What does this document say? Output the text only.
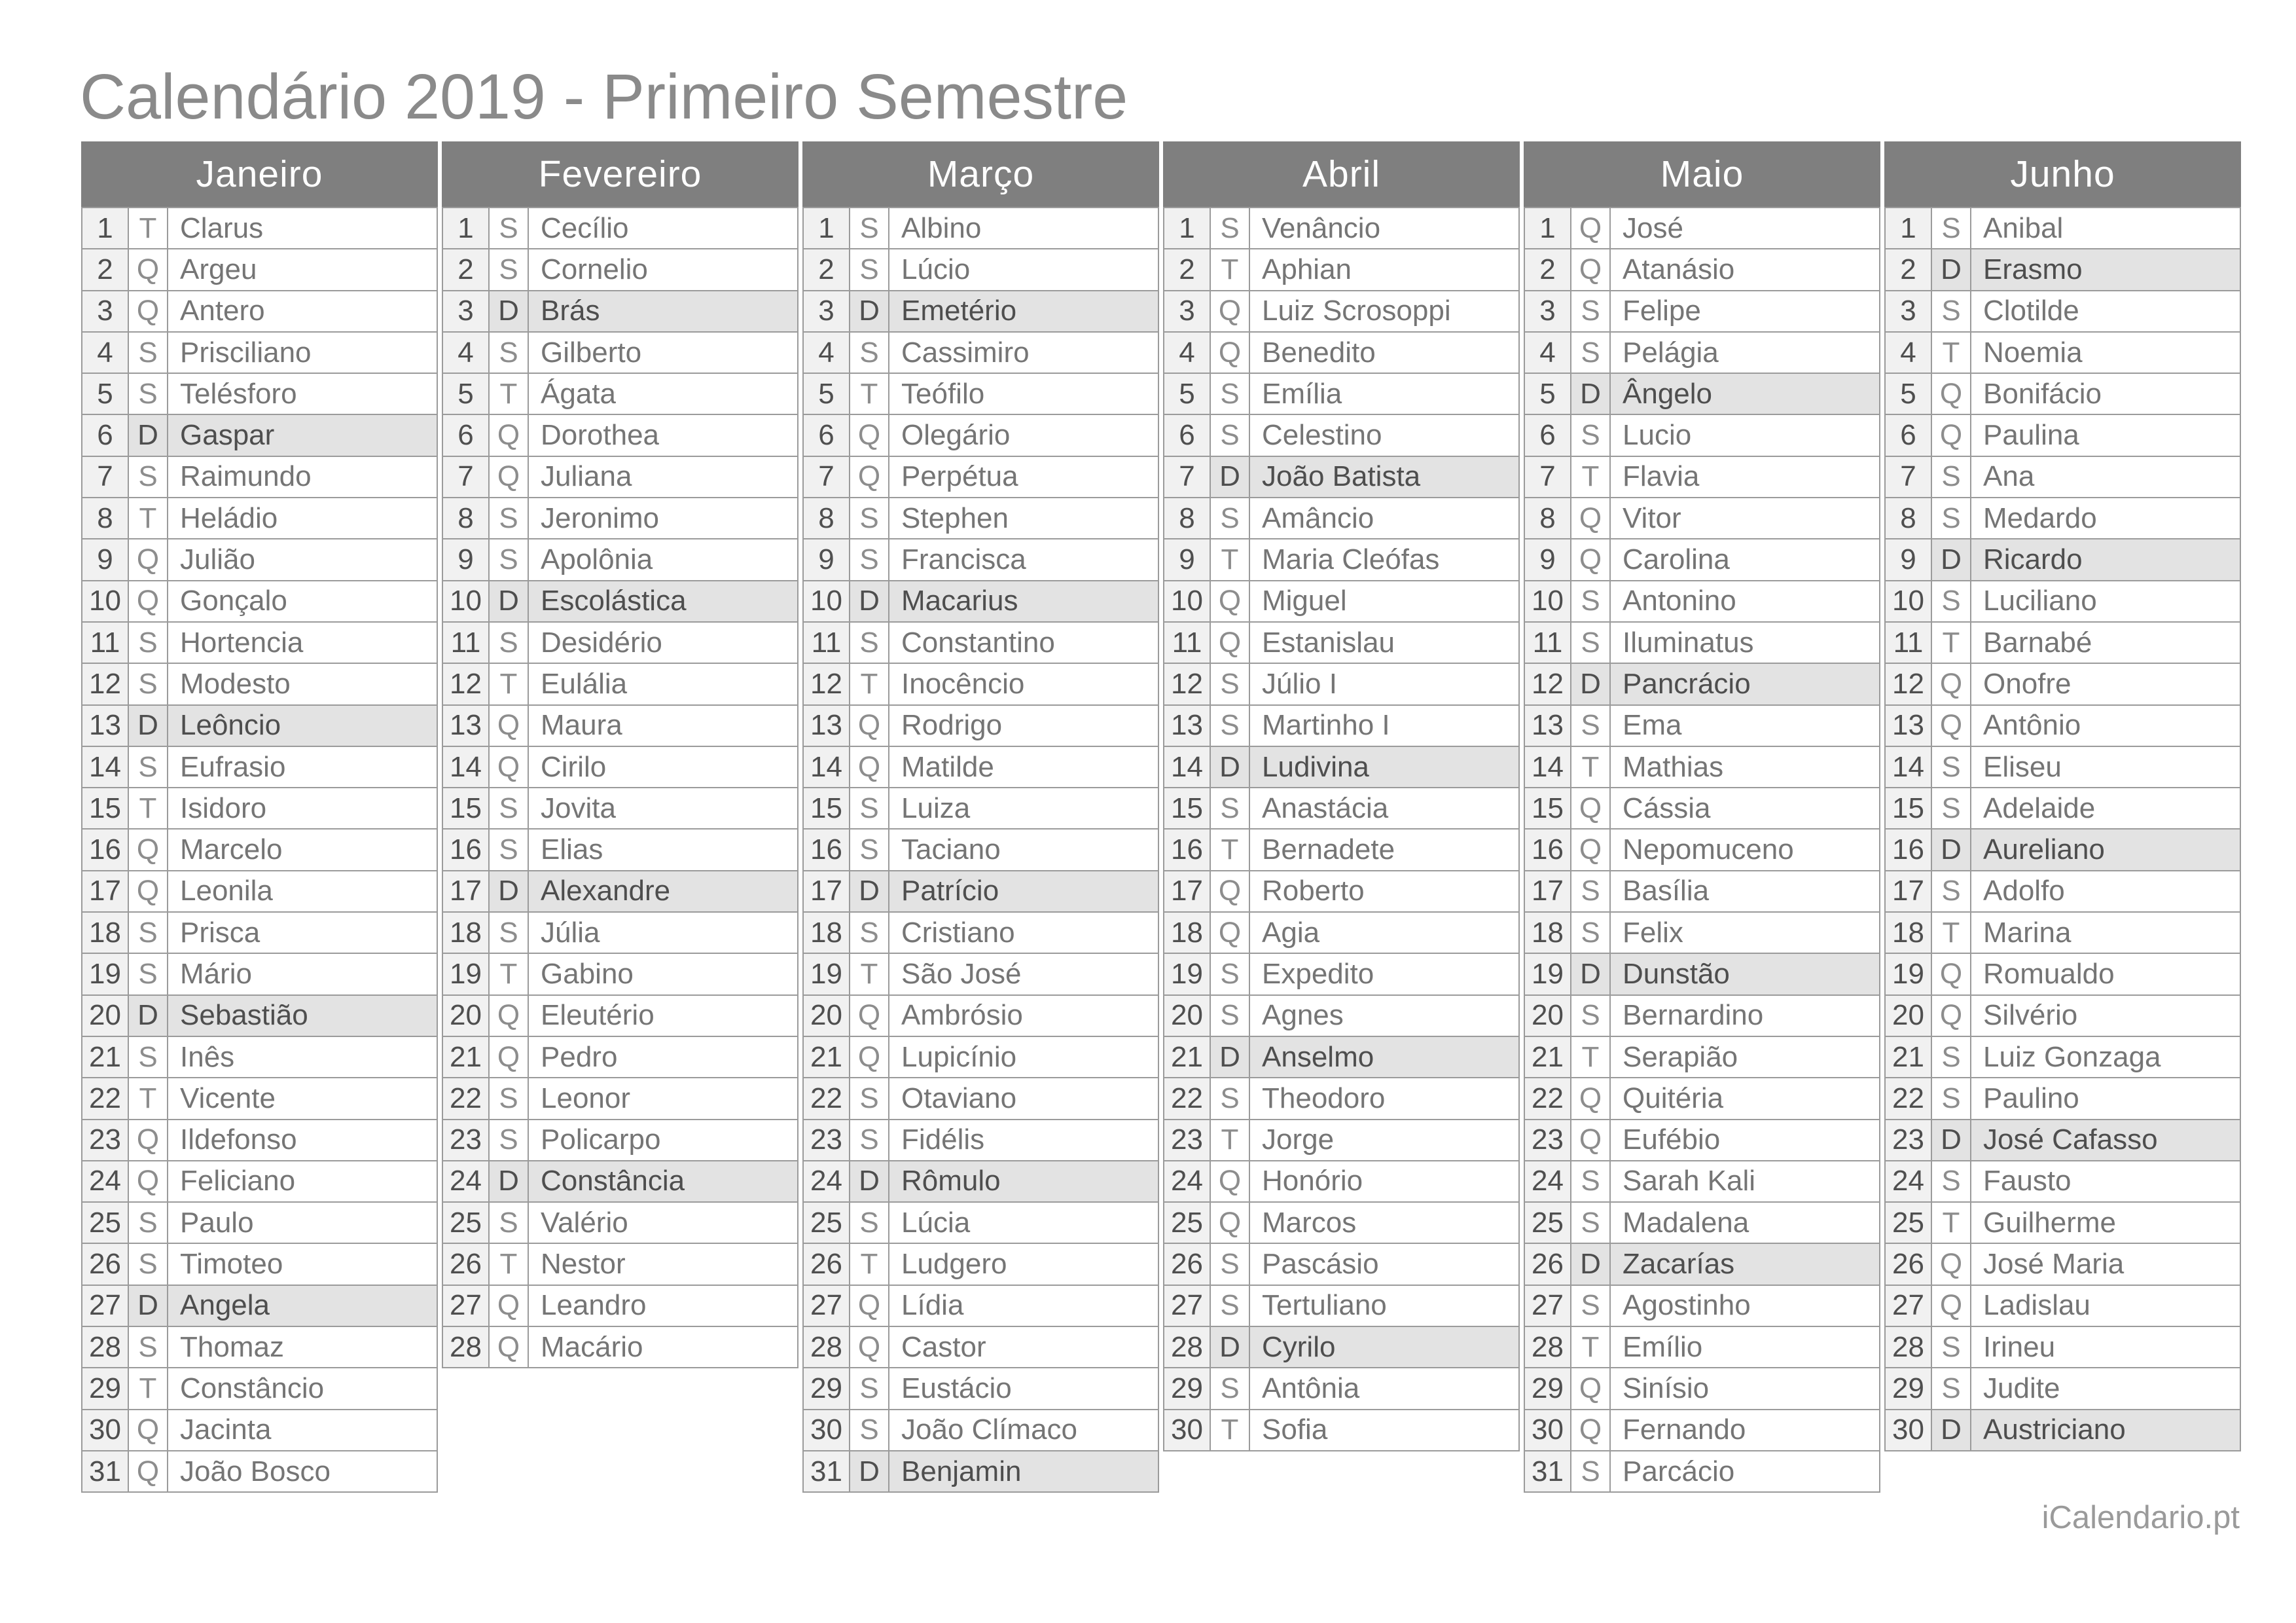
Calendário 2019 - Primeiro Semestre
Janeiro
1 T Clarus
2 Q Argeu
3 Q Antero
4 S Prisciliano
5 S Telésforo
6 D Gaspar
7 S Raimundo
8 T Heládio
9 Q Julião
10 Q Gonçalo
11 S Hortencia
12 S Modesto
13 D Leôncio
14 S Eufrasio
15 T Isidoro
16 Q Marcelo
17 Q Leonila
18 S Prisca
19 S Mário
20 D Sebastião
21 S Inês
22 T Vicente
23 Q Ildefonso
24 Q Feliciano
25 S Paulo
26 S Timoteo
27 D Angela
28 S Thomaz
29 T Constâncio
30 Q Jacinta
31 Q João Bosco
Fevereiro
1 S Cecílio
2 S Cornelio
3 D Brás
4 S Gilberto
5 T Ágata
6 Q Dorothea
7 Q Juliana
8 S Jeronimo
9 S Apolônia
10 D Escolástica
11 S Desidério
12 T Eulália
13 Q Maura
14 Q Cirilo
15 S Jovita
16 S Elias
17 D Alexandre
18 S Júlia
19 T Gabino
20 Q Eleutério
21 Q Pedro
22 S Leonor
23 S Policarpo
24 D Constância
25 S Valério
26 T Nestor
27 Q Leandro
28 Q Macário
Março
1 S Albino
2 S Lúcio
3 D Emetério
4 S Cassimiro
5 T Teófilo
6 Q Olegário
7 Q Perpétua
8 S Stephen
9 S Francisca
10 D Macarius
11 S Constantino
12 T Inocêncio
13 Q Rodrigo
14 Q Matilde
15 S Luiza
16 S Taciano
17 D Patrício
18 S Cristiano
19 T São José
20 Q Ambrósio
21 Q Lupicínio
22 S Otaviano
23 S Fidélis
24 D Rômulo
25 S Lúcia
26 T Ludgero
27 Q Lídia
28 Q Castor
29 S Eustácio
30 S João Clímaco
31 D Benjamin
Abril
1 S Venâncio
2 T Aphian
3 Q Luiz Scrosoppi
4 Q Benedito
5 S Emília
6 S Celestino
7 D João Batista
8 S Amâncio
9 T Maria Cleófas
10 Q Miguel
11 Q Estanislau
12 S Júlio I
13 S Martinho I
14 D Ludivina
15 S Anastácia
16 T Bernadete
17 Q Roberto
18 Q Agia
19 S Expedito
20 S Agnes
21 D Anselmo
22 S Theodoro
23 T Jorge
24 Q Honório
25 Q Marcos
26 S Pascásio
27 S Tertuliano
28 D Cyrilo
29 S Antônia
30 T Sofia
Maio
1 Q José
2 Q Atanásio
3 S Felipe
4 S Pelágia
5 D Ângelo
6 S Lucio
7 T Flavia
8 Q Vitor
9 Q Carolina
10 S Antonino
11 S Iluminatus
12 D Pancrácio
13 S Ema
14 T Mathias
15 Q Cássia
16 Q Nepomuceno
17 S Basília
18 S Felix
19 D Dunstão
20 S Bernardino
21 T Serapião
22 Q Quitéria
23 Q Eufébio
24 S Sarah Kali
25 S Madalena
26 D Zacarías
27 S Agostinho
28 T Emílio
29 Q Sinísio
30 Q Fernando
31 S Parcácio
Junho
1 S Anibal
2 D Erasmo
3 S Clotilde
4 T Noemia
5 Q Bonifácio
6 Q Paulina
7 S Ana
8 S Medardo
9 D Ricardo
10 S Luciliano
11 T Barnabé
12 Q Onofre
13 Q Antônio
14 S Eliseu
15 S Adelaide
16 D Aureliano
17 S Adolfo
18 T Marina
19 Q Romualdo
20 Q Silvério
21 S Luiz Gonzaga
22 S Paulino
23 D José Cafasso
24 S Fausto
25 T Guilherme
26 Q José Maria
27 Q Ladislau
28 S Irineu
29 S Judite
30 D Austriciano
iCalendario.pt
